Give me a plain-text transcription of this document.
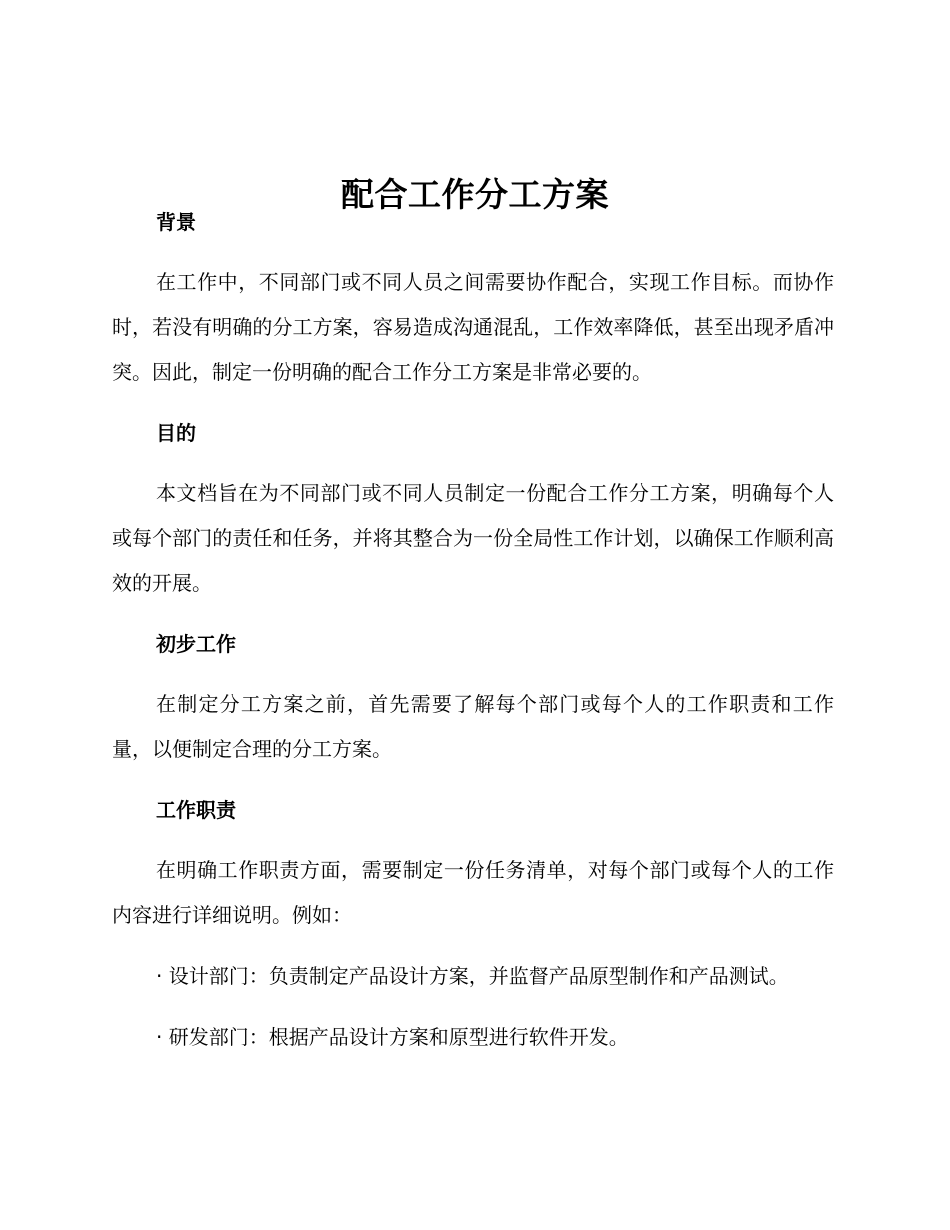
配合工作分工方案
背景

在工作中，不同部门或不同人员之间需要协作配合，实现工作目标。而协作时，若没有明确的分工方案，容易造成沟通混乱，工作效率降低，甚至出现矛盾冲突。因此，制定一份明确的配合工作分工方案是非常必要的。

目的

本文档旨在为不同部门或不同人员制定一份配合工作分工方案，明确每个人或每个部门的责任和任务，并将其整合为一份全局性工作计划，以确保工作顺利高效的开展。

初步工作

在制定分工方案之前，首先需要了解每个部门或每个人的工作职责和工作量，以便制定合理的分工方案。

工作职责

在明确工作职责方面，需要制定一份任务清单，对每个部门或每个人的工作内容进行详细说明。例如：

· 设计部门：负责制定产品设计方案，并监督产品原型制作和产品测试。

· 研发部门：根据产品设计方案和原型进行软件开发。
